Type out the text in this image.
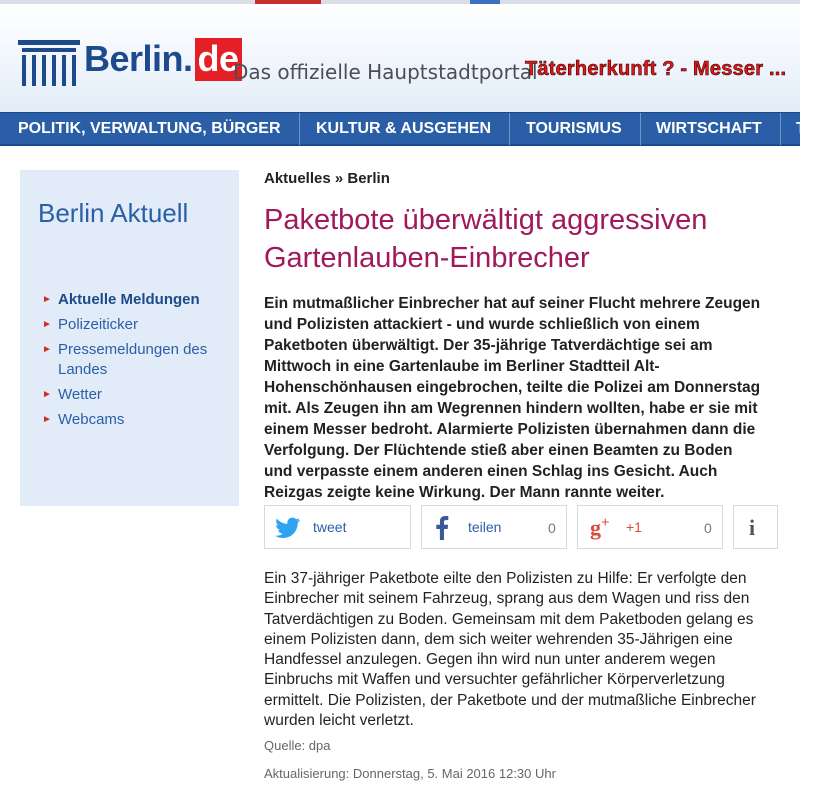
Berlin. de
Das offizielle Hauptstadtportal
Täterherkunft ? - Messer ...
POLITIK, VERWALTUNG, BÜRGER	KULTUR & AUSGEHEN	TOURISMUS	WIRTSCHAFT	T
Berlin Aktuell
► Aktuelle Meldungen
► Polizeiticker
► Pressemeldungen des Landes
► Wetter
► Webcams
Aktuelles » Berlin
Paketbote überwältigt aggressiven Gartenlauben-Einbrecher

Ein mutmaßlicher Einbrecher hat auf seiner Flucht mehrere Zeugen und Polizisten attackiert - und wurde schließlich von einem Paketboten überwältigt. Der 35-jährige Tatverdächtige sei am Mittwoch in eine Gartenlaube im Berliner Stadtteil Alt-Hohenschönhausen eingebrochen, teilte die Polizei am Donnerstag mit. Als Zeugen ihn am Wegrennen hindern wollten, habe er sie mit einem Messer bedroht. Alarmierte Polizisten übernahmen dann die Verfolgung. Der Flüchtende stieß aber einen Beamten zu Boden und verpasste einem anderen einen Schlag ins Gesicht. Auch Reizgas zeigte keine Wirkung. Der Mann rannte weiter.

tweet	teilen	0 g+ +1	0 i

Ein 37-jähriger Paketbote eilte den Polizisten zu Hilfe: Er verfolgte den Einbrecher mit seinem Fahrzeug, sprang aus dem Wagen und riss den Tatverdächtigen zu Boden. Gemeinsam mit dem Paketboden gelang es einem Polizisten dann, dem sich weiter wehrenden 35-Jährigen eine Handfessel anzulegen. Gegen ihn wird nun unter anderem wegen Einbruchs mit Waffen und versuchter gefährlicher Körperverletzung ermittelt. Die Polizisten, der Paketbote und der mutmaßliche Einbrecher wurden leicht verletzt.

Quelle: dpa
Aktualisierung: Donnerstag, 5. Mai 2016 12:30 Uhr
